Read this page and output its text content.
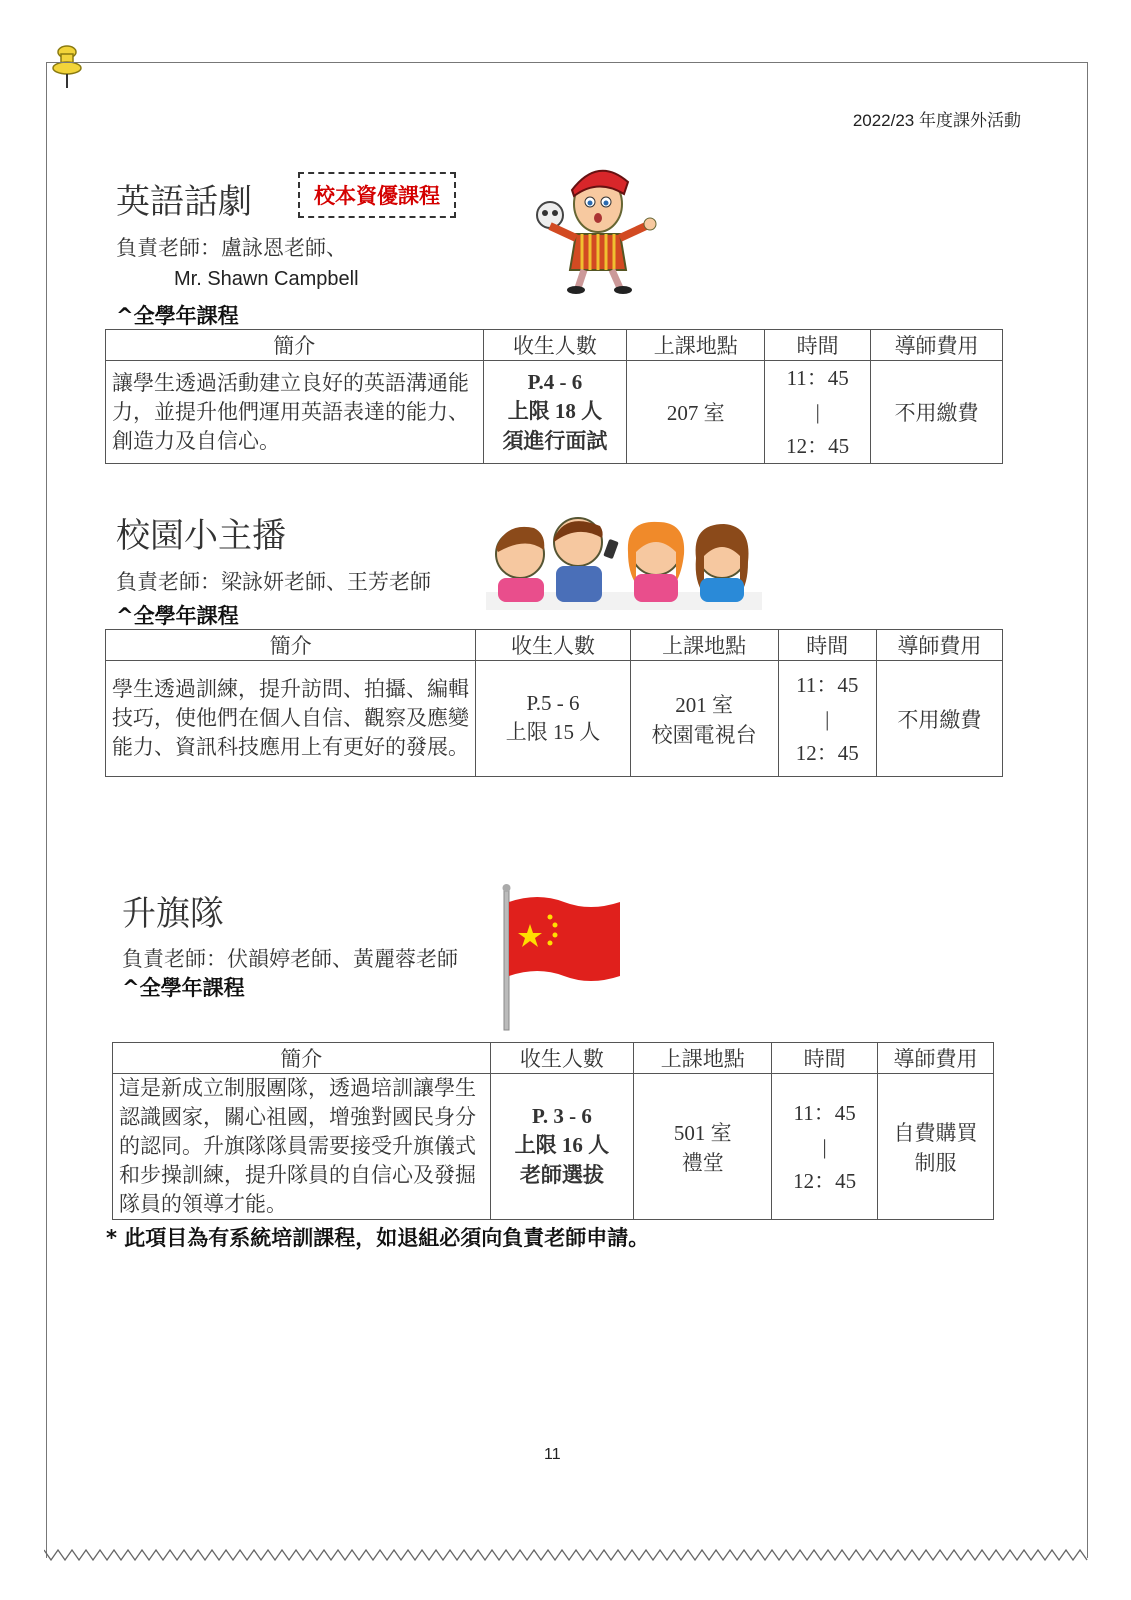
2022/23 年度課外活動
英語話劇	校本資優課程
負責老師：盧詠恩老師、
Mr. Shawn Campbell
^全學年課程
簡介	收生人數	上課地點	時間	導師費用
讓學生透過活動建立良好的英語溝通能力，並提升他們運用英語表達的能力、創造力及自信心。	P.4 - 6
上限 18 人
須進行面試	207 室	11：45
|
12：45	不用繳費
校園小主播
負責老師：梁詠妍老師、王芳老師
^全學年課程
簡介	收生人數	上課地點	時間	導師費用
學生透過訓練，提升訪問、拍攝、編輯技巧，使他們在個人自信、觀察及應變能力、資訊科技應用上有更好的發展。	P.5 - 6
上限 15 人	201 室
校園電視台	11：45
|
12：45	不用繳費
升旗隊
負責老師：伏韻婷老師、黃麗蓉老師
^全學年課程
簡介	收生人數	上課地點	時間	導師費用
這是新成立制服團隊，透過培訓讓學生認識國家，關心祖國，增強對國民身分的認同。升旗隊隊員需要接受升旗儀式和步操訓練，提升隊員的自信心及發掘隊員的領導才能。	P. 3 - 6
上限 16 人
老師選拔	501 室
禮堂	11：45
|
12：45	自費購買制服
* 此項目為有系統培訓課程，如退組必須向負責老師申請。
11
